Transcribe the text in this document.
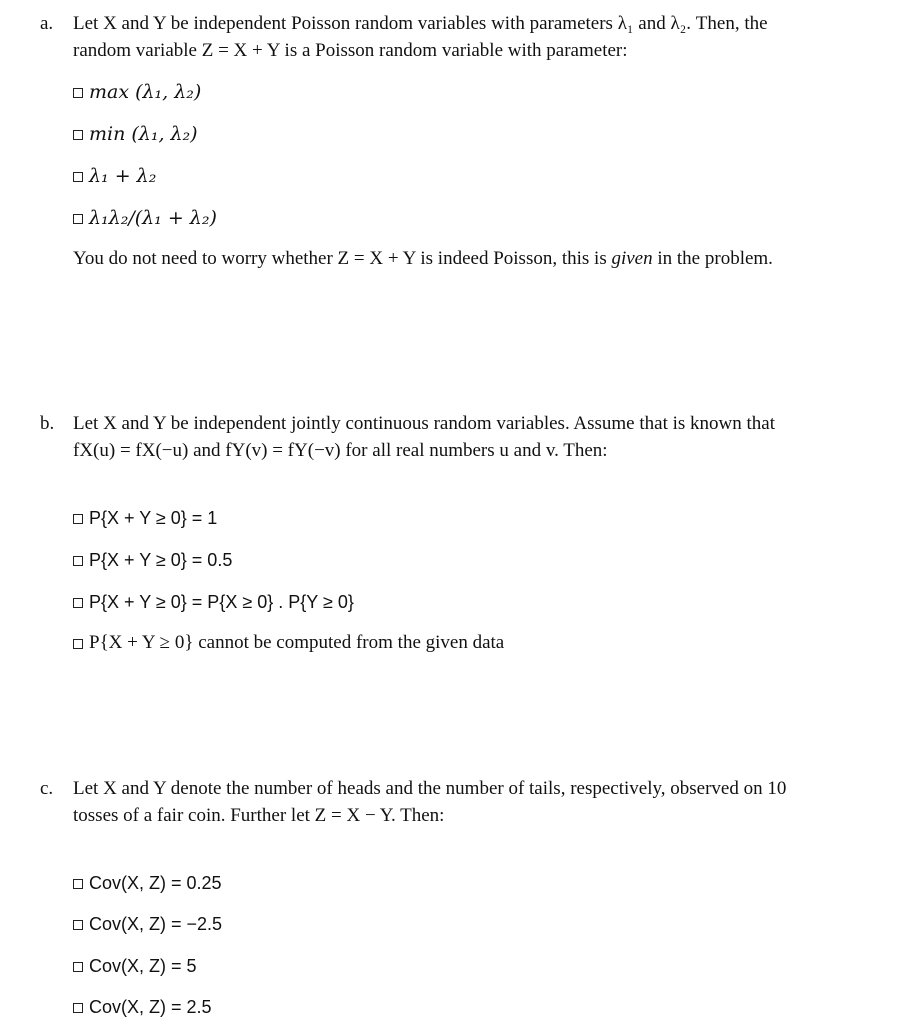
a. Let X and Y be independent Poisson random variables with parameters λ₁ and λ₂. Then, the
random variable Z = X + Y is a Poisson random variable with parameter:
max (λ₁, λ₂)
min (λ₁, λ₂)
λ₁ + λ₂
λ₁λ₂/(λ₁ + λ₂)
You do not need to worry whether Z = X + Y is indeed Poisson, this is given in the problem.
b. Let X and Y be independent jointly continuous random variables. Assume that is known that
fX(u) = fX(−u) and fY(v) = fY(−v) for all real numbers u and v. Then:
P{X + Y ≥ 0} = 1
P{X + Y ≥ 0} = 0.5
P{X + Y ≥ 0} = P{X ≥ 0} . P{Y ≥ 0}
P{X + Y ≥ 0} cannot be computed from the given data
c. Let X and Y denote the number of heads and the number of tails, respectively, observed on 10
tosses of a fair coin. Further let Z = X − Y. Then:
Cov(X, Z) = 0.25
Cov(X, Z) = −2.5
Cov(X, Z) = 5
Cov(X, Z) = 2.5
